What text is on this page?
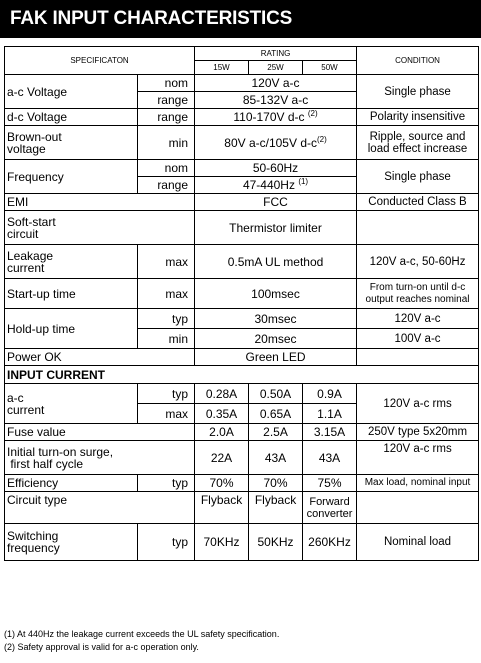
FAK INPUT CHARACTERISTICS
SPECIFICATON		RATING			CONDITION
		15W	25W	50W	
a-c Voltage	nom	120V a-c			Single phase
	range	85-132V a-c			
d-c Voltage	range	110-170V d-c $^{(2)}$			Polarity insensitive
Brown-out
voltage	min	80V a-c/105V $d-c^{(2)}$			Ripple, source and
load effect increase
Frequency	nom	50-60Hz			Single phase
	range	47-440Hz $^{(1)}$
EMI		FCC			Conducted Class B
Soft-start
circuit		Thermistor limiter			
Leakage
current	max	0.5mA UL method			120V a-c, 50-60Hz
Start-up time	max	100msec			From turn-on until d-c
output reaches nominal
Hold-up time	typ	30msec			120V a-c
	min	20msec			100V a-c
Power OK		Green LED			
INPUT CURRENT					
a-c
current	typ	0.28A	0.50A	0.9A	120V a-c rms
	max	0.35A	0.65A	1.1A	
Fuse value		2.0A	2.5A	3.15A	250V type 5x20mm
Initial turn-on surge,
first half cycle		22A	43A	43A	120V a-c rms
Efficiency	typ	70%	70%	75%	Max load, nominal input
Circuit type		Flyback	Flyback	Forward
converter	
Switching
frequency	typ	70KHz	50KHz	260KHz	Nominal load
(1) At 440Hz the leakage current exceeds the UL safety specification.
(2) Safety approval is valid for a-c operation only.
